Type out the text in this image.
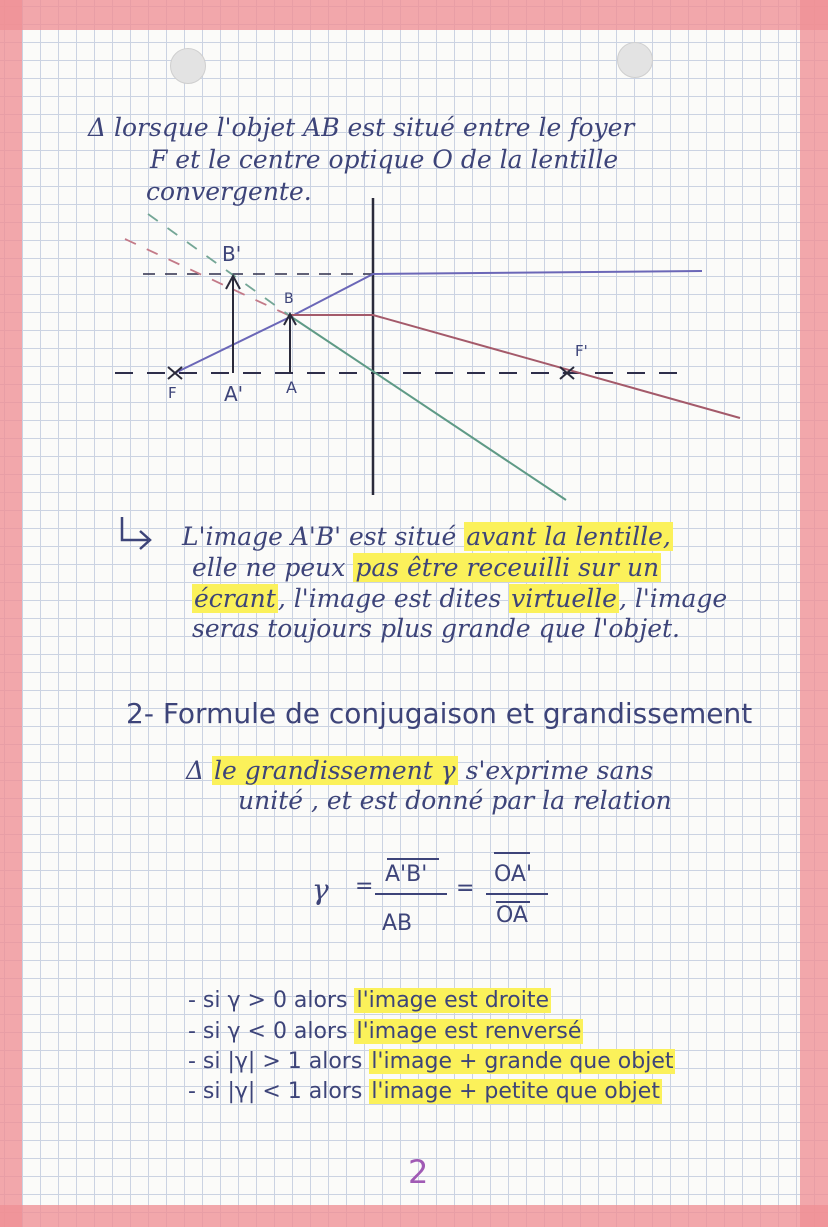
Δ lorsque l'objet AB est situé entre le foyer
F et le centre optique O de la lentille
convergente.
B'
B
F A'	A
F'
L'image A'B' est situé avant la lentille,
elle ne peux pas être receuilli sur un
écrant, l'image est dites virtuelle, l'image
seras toujours plus grande que l'objet.
2- Formule de conjugaison et grandissement
Δ le grandissement γ s'exprime sans
unité , et est donné par la relation
γ = A'B'
AB
=
OA'
OA
- si γ > 0 alors l'image est droite
- si γ < 0 alors l'image est renversé
- si |γ| > 1 alors l'image + grande que objet
- si |γ| < 1 alors l'image + petite que objet
2
